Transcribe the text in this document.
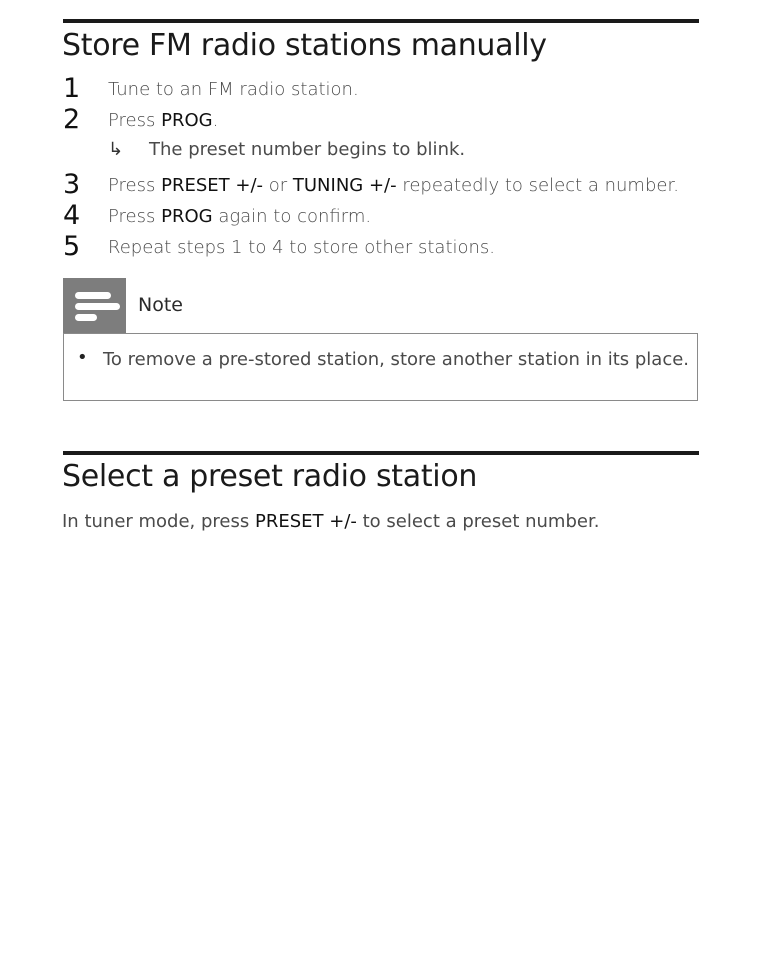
Store FM radio stations manually
1 Tune to an FM radio station.
2 Press PROG.
↳ The preset number begins to blink.
3 Press PRESET +/- or TUNING +/- repeatedly to select a number.
4 Press PROG again to confirm.
5 Repeat steps 1 to 4 to store other stations.
Note
• To remove a pre-stored station, store another station in its place.
Select a preset radio station
In tuner mode, press PRESET +/- to select a preset number.
